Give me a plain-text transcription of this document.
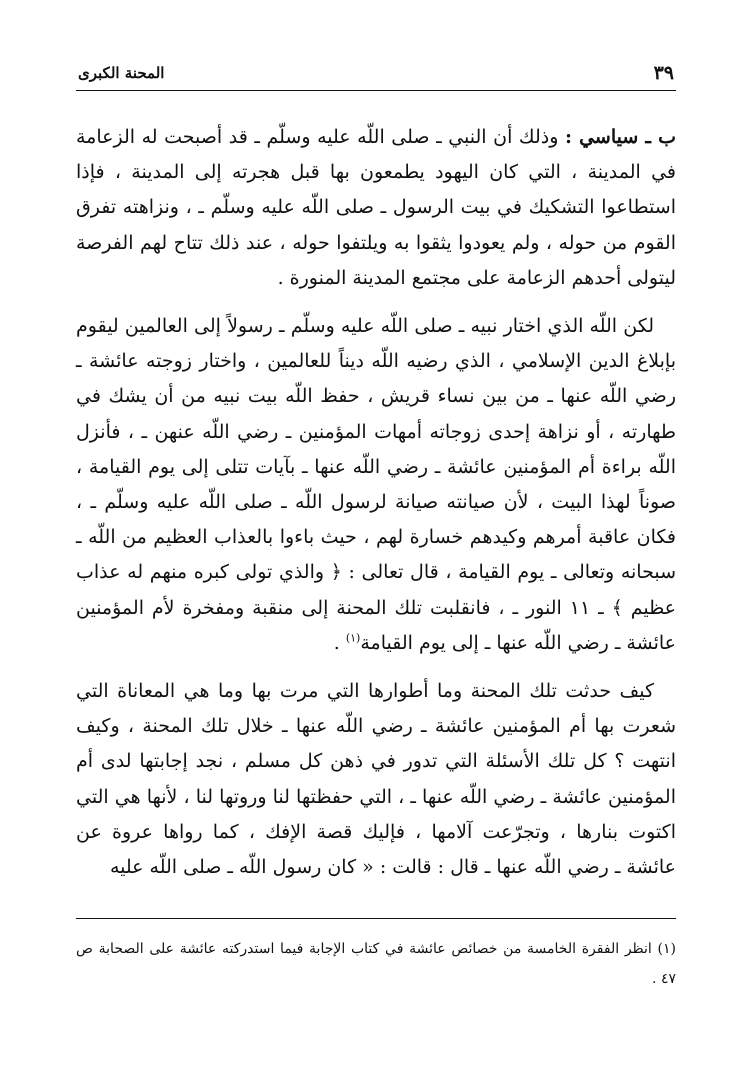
٣٩
المحنة الكبرى

ب ـ سياسي : وذلك أن النبي ـ صلى اللّه عليه وسلّم ـ قد أصبحت له الزعامة في المدينة ، التي كان اليهود يطمعون بها قبل هجرته إلى المدينة ، فإذا استطاعوا التشكيك في بيت الرسول ـ صلى اللّه عليه وسلّم ـ ، ونزاهته تفرق القوم من حوله ، ولم يعودوا يثقوا به ويلتفوا حوله ، عند ذلك تتاح لهم الفرصة ليتولى أحدهم الزعامة على مجتمع المدينة المنورة .

لكن اللّه الذي اختار نبيه ـ صلى اللّه عليه وسلّم ـ رسولاً إلى العالمين ليقوم بإبلاغ الدين الإسلامي ، الذي رضيه اللّه ديناً للعالمين ، واختار زوجته عائشة ـ رضي اللّه عنها ـ من بين نساء قريش ، حفظ اللّه بيت نبيه من أن يشك في طهارته ، أو نزاهة إحدى زوجاته أمهات المؤمنين ـ رضي اللّه عنهن ـ ، فأنزل اللّه براءة أم المؤمنين عائشة ـ رضي اللّه عنها ـ بآيات تتلى إلى يوم القيامة ، صوناً لهذا البيت ، لأن صيانته صيانة لرسول اللّه ـ صلى اللّه عليه وسلّم ـ ، فكان عاقبة أمرهم وكيدهم خسارة لهم ، حيث باءوا بالعذاب العظيم من اللّه ـ سبحانه وتعالى ـ يوم القيامة ، قال تعالى : ﴿ والذي تولى كبره منهم له عذاب عظيم ﴾ ـ ١١ النور ـ ، فانقلبت تلك المحنة إلى منقبة ومفخرة لأم المؤمنين عائشة ـ رضي اللّه عنها ـ إلى يوم القيامة$^{(١)}$ .

كيف حدثت تلك المحنة وما أطوارها التي مرت بها وما هي المعاناة التي شعرت بها أم المؤمنين عائشة ـ رضي اللّه عنها ـ خلال تلك المحنة ، وكيف انتهت ؟ كل تلك الأسئلة التي تدور في ذهن كل مسلم ، نجد إجابتها لدى أم المؤمنين عائشة ـ رضي اللّه عنها ـ ، التي حفظتها لنا وروتها لنا ، لأنها هي التي اكتوت بنارها ، وتجرّعت آلامها ، فإليك قصة الإفك ، كما رواها عروة عن عائشة ـ رضي اللّه عنها ـ قال : قالت : « كان رسول اللّه ـ صلى اللّه عليه

(١) انظر الفقرة الخامسة من خصائص عائشة في كتاب الإجابة فيما استدركته عائشة على الصحابة ص ٤٧ .
